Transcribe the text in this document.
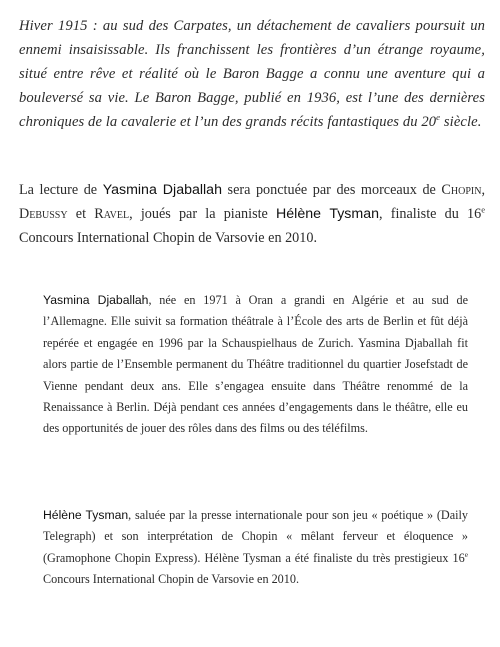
Hiver 1915 : au sud des Carpates, un détachement de cavaliers poursuit un ennemi insaisissable. Ils franchissent les frontières d’un étrange royaume, situé entre rêve et réalité où le Baron Bagge a connu une aventure qui a bouleversé sa vie. Le Baron Bagge, publié en 1936, est l’une des dernières chroniques de la cavalerie et l’un des grands récits fantastiques du 20e siècle.

La lecture de Yasmina Djaballah sera ponctuée par des morceaux de Chopin, Debussy et Ravel, joués par la pianiste Hélène Tysman, finaliste du 16e Concours International Chopin de Varsovie en 2010.

Yasmina Djaballah, née en 1971 à Oran a grandi en Algérie et au sud de l’Allemagne. Elle suivit sa formation théâtrale à l’École des arts de Berlin et fût déjà repérée et engagée en 1996 par la Schauspielhaus de Zurich. Yasmina Djaballah fit alors partie de l’Ensemble permanent du Théâtre traditionnel du quartier Josefstadt de Vienne pendant deux ans. Elle s’engagea ensuite dans Théâtre renommé de la Renaissance à Berlin. Déjà pendant ces années d’engagements dans le théâtre, elle eu des opportunités de jouer des rôles dans des films ou des téléfilms.

Hélène Tysman, saluée par la presse internationale pour son jeu « poétique » (Daily Telegraph) et son interprétation de Chopin « mêlant ferveur et éloquence » (Gramophone Chopin Express). Hélène Tysman a été finaliste du très prestigieux 16e Concours International Chopin de Varsovie en 2010.
